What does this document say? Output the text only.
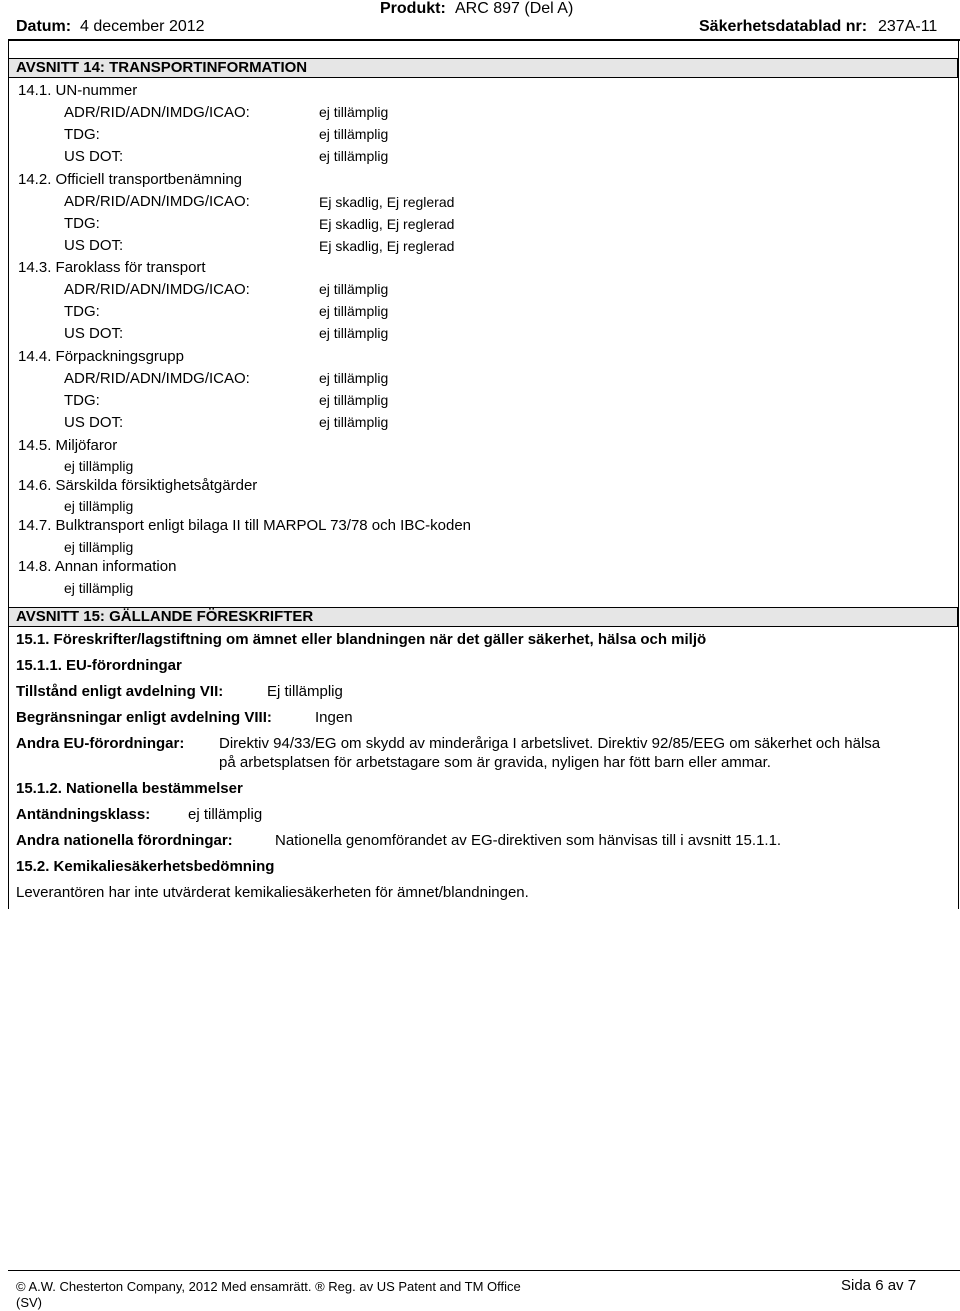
Datum: 4 december 2012
Produkt: ARC 897 (Del A)
Säkerhetsdatablad nr: 237A-11
AVSNITT 14: TRANSPORTINFORMATION
14.1. UN-nummer
ADR/RID/ADN/IMDG/ICAO:	ej tillämplig
TDG:	ej tillämplig
US DOT:	ej tillämplig
14.2. Officiell transportbenämning
ADR/RID/ADN/IMDG/ICAO:	Ej skadlig, Ej reglerad
TDG:	Ej skadlig, Ej reglerad
US DOT:	Ej skadlig, Ej reglerad
14.3. Faroklass för transport
ADR/RID/ADN/IMDG/ICAO:	ej tillämplig
TDG:	ej tillämplig
US DOT:	ej tillämplig
14.4. Förpackningsgrupp
ADR/RID/ADN/IMDG/ICAO:	ej tillämplig
TDG:	ej tillämplig
US DOT:	ej tillämplig
14.5. Miljöfaror
ej tillämplig
14.6. Särskilda försiktighetsåtgärder
ej tillämplig
14.7. Bulktransport enligt bilaga II till MARPOL 73/78 och IBC-koden
ej tillämplig
14.8. Annan information
ej tillämplig
AVSNITT 15: GÄLLANDE FÖRESKRIFTER
15.1. Föreskrifter/lagstiftning om ämnet eller blandningen när det gäller säkerhet, hälsa och miljö
15.1.1. EU-förordningar
Tillstånd enligt avdelning VII:	Ej tillämplig
Begränsningar enligt avdelning VIII:	Ingen
Andra EU-förordningar: Direktiv 94/33/EG om skydd av minderåriga I arbetslivet. Direktiv 92/85/EEG om säkerhet och hälsa
på arbetsplatsen för arbetstagare som är gravida, nyligen har fött barn eller ammar.
15.1.2. Nationella bestämmelser
Antändningsklass:	ej tillämplig
Andra nationella förordningar:	Nationella genomförandet av EG-direktiven som hänvisas till i avsnitt 15.1.1.
15.2. Kemikaliesäkerhetsbedömning
Leverantören har inte utvärderat kemikaliesäkerheten för ämnet/blandningen.
© A.W. Chesterton Company, 2012 Med ensamrätt. ® Reg. av US Patent and TM Office
(SV)
Sida 6 av 7
